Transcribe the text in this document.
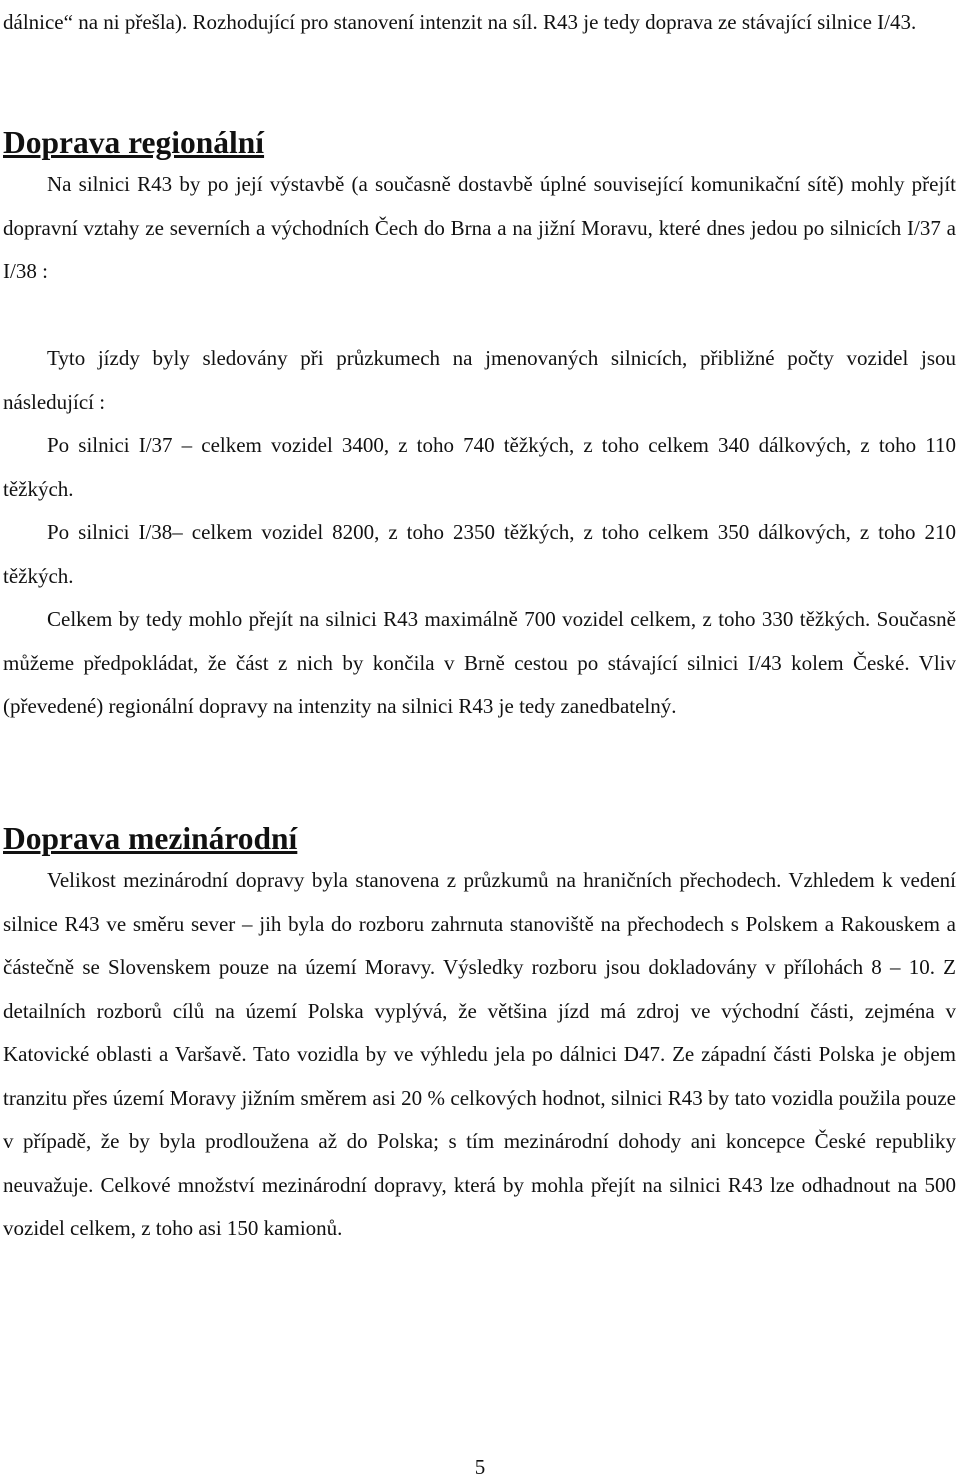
dálnice“ na ni přešla). Rozhodující pro stanovení intenzit na síl. R43 je tedy doprava ze stávající silnice I/43.

Doprava regionální

Na silnici R43 by po její výstavbě (a současně dostavbě úplné související komunikační sítě) mohly přejít dopravní vztahy ze severních a východních Čech do Brna a na jižní Moravu, které dnes jedou po silnicích I/37 a I/38 :

Tyto jízdy byly sledovány při průzkumech na jmenovaných silnicích, přibližné počty vozidel jsou následující :

Po silnici I/37 – celkem vozidel 3400, z toho 740 těžkých, z toho celkem 340 dálkových, z toho 110 těžkých.

Po silnici I/38– celkem vozidel 8200, z toho 2350 těžkých, z toho celkem 350 dálkových, z toho 210 těžkých.

Celkem by tedy mohlo přejít na silnici R43 maximálně 700 vozidel celkem, z toho 330 těžkých. Současně můžeme předpokládat, že část z nich by končila v Brně cestou po stávající silnici I/43 kolem České. Vliv (převedené) regionální dopravy na intenzity na silnici R43 je tedy zanedbatelný.

Doprava mezinárodní

Velikost mezinárodní dopravy byla stanovena z průzkumů na hraničních přechodech. Vzhledem k vedení silnice R43 ve směru sever – jih byla do rozboru zahrnuta stanoviště na přechodech s Polskem a Rakouskem a částečně se Slovenskem pouze na území Moravy. Výsledky rozboru jsou dokladovány v přílohách 8 – 10. Z detailních rozborů cílů na území Polska vyplývá, že většina jízd má zdroj ve východní části, zejména v Katovické oblasti a Varšavě. Tato vozidla by ve výhledu jela po dálnici D47. Ze západní části Polska je objem tranzitu přes území Moravy jižním směrem asi 20 % celkových hodnot, silnici R43 by tato vozidla použila pouze v případě, že by byla prodloužena až do Polska; s tím mezinárodní dohody ani koncepce České republiky neuvažuje. Celkové množství mezinárodní dopravy, která by mohla přejít na silnici R43 lze odhadnout na 500 vozidel celkem, z toho asi 150 kamionů.

5
